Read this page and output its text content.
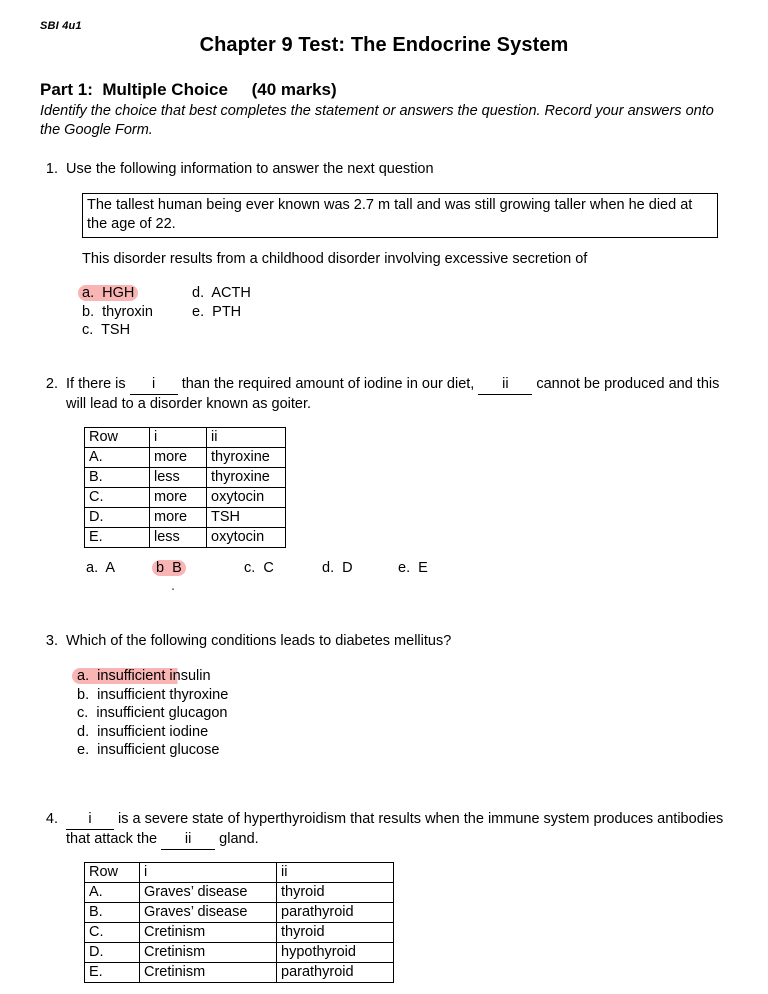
SBI 4u1
Chapter 9 Test: The Endocrine System
Part 1:  Multiple Choice     (40 marks)
Identify the choice that best completes the statement or answers the question. Record your answers onto the Google Form.
1. Use the following information to answer the next question
The tallest human being ever known was 2.7 m tall and was still growing taller when he died at the age of 22.
This disorder results from a childhood disorder involving excessive secretion of
a. HGH
b. thyroxin
c. TSH
d. ACTH
e. PTH
2. If there is i than the required amount of iodine in our diet, ii cannot be produced and this will lead to a disorder known as goiter.
Row	i	ii
A.	more	thyroxine
B.	less	thyroxine
C.	more	oxytocin
D.	more	TSH
E.	less	oxytocin
a. A	b B	c. C	d. D	e. E
.
3. Which of the following conditions leads to diabetes mellitus?
a. insufficient insulin
b. insufficient thyroxine
c. insufficient glucagon
d. insufficient iodine
e. insufficient glucose
4.	i is a severe state of hyperthyroidism that results when the immune system produces antibodies that attack the ii gland.
Row	i	ii
A.	Graves’ disease	thyroid
B.	Graves’ disease	parathyroid
C.	Cretinism	thyroid
D.	Cretinism	hypothyroid
E.	Cretinism	parathyroid
